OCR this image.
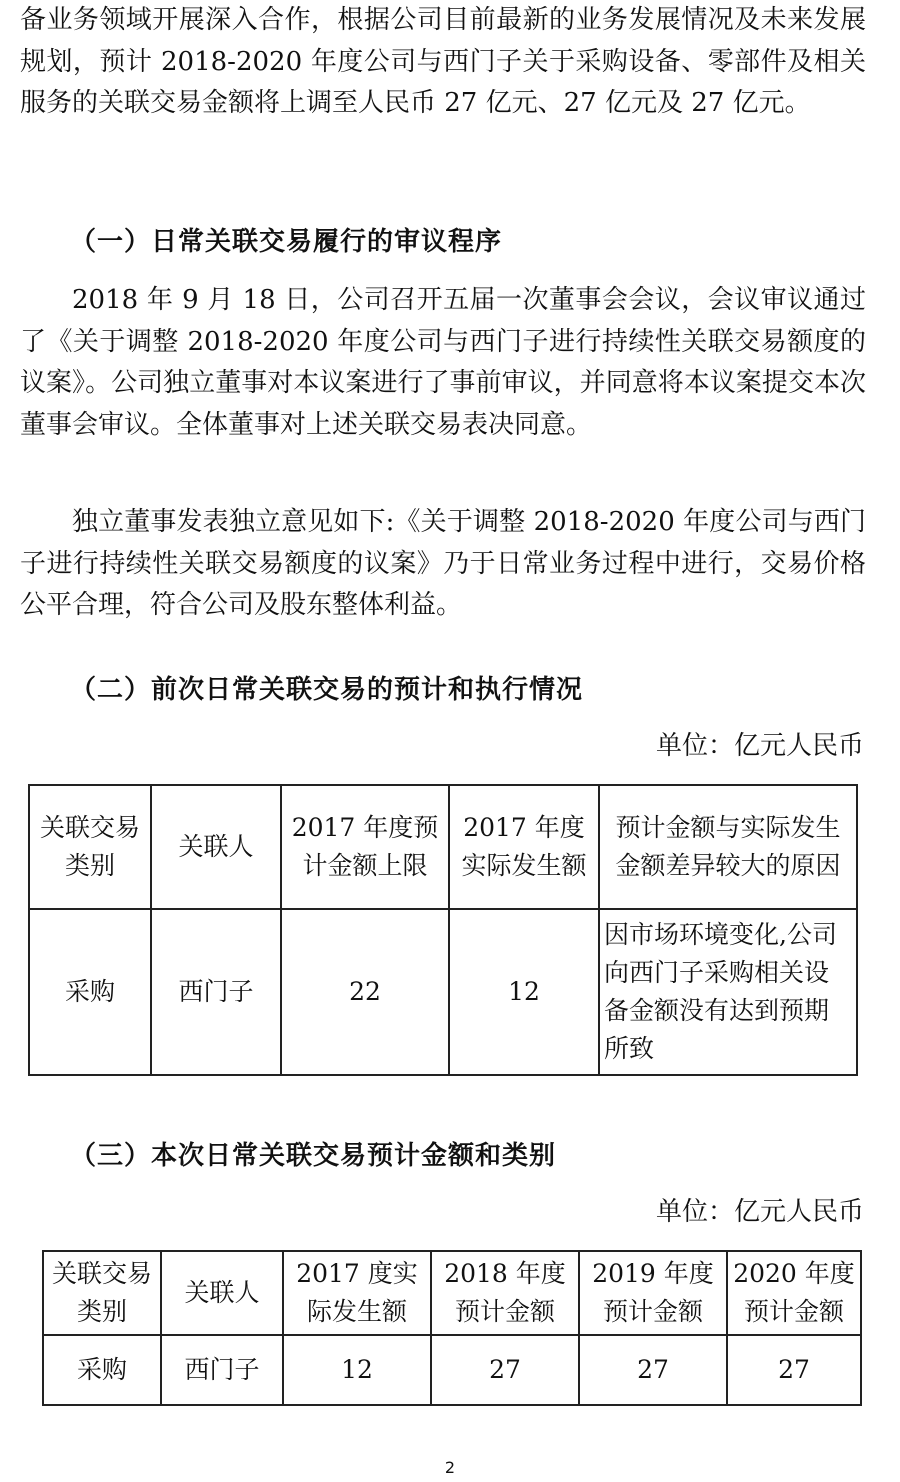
备业务领域开展深入合作，根据公司目前最新的业务发展情况及未来发展规划，预计 2018-2020 年度公司与西门子关于采购设备、零部件及相关服务的关联交易金额将上调至人民币 27 亿元、27 亿元及 27 亿元。

（一）日常关联交易履行的审议程序

2018 年 9 月 18 日，公司召开五届一次董事会会议，会议审议通过了《关于调整 2018-2020 年度公司与西门子进行持续性关联交易额度的议案》。公司独立董事对本议案进行了事前审议，并同意将本议案提交本次董事会审议。全体董事对上述关联交易表决同意。

独立董事发表独立意见如下:《关于调整 2018-2020 年度公司与西门子进行持续性关联交易额度的议案》乃于日常业务过程中进行，交易价格公平合理，符合公司及股东整体利益。

（二）前次日常关联交易的预计和执行情况

单位：亿元人民币

关联交易类别	关联人	2017 年度预计金额上限	2017 年度实际发生额	预计金额与实际发生金额差异较大的原因
采购	西门子	22	12	因市场环境变化,公司向西门子采购相关设备金额没有达到预期所致

（三）本次日常关联交易预计金额和类别

单位：亿元人民币

关联交易类别	关联人	2017 度实际发生额	2018 年度预计金额	2019 年度预计金额	2020 年度预计金额
采购	西门子	12	27	27	27
2
